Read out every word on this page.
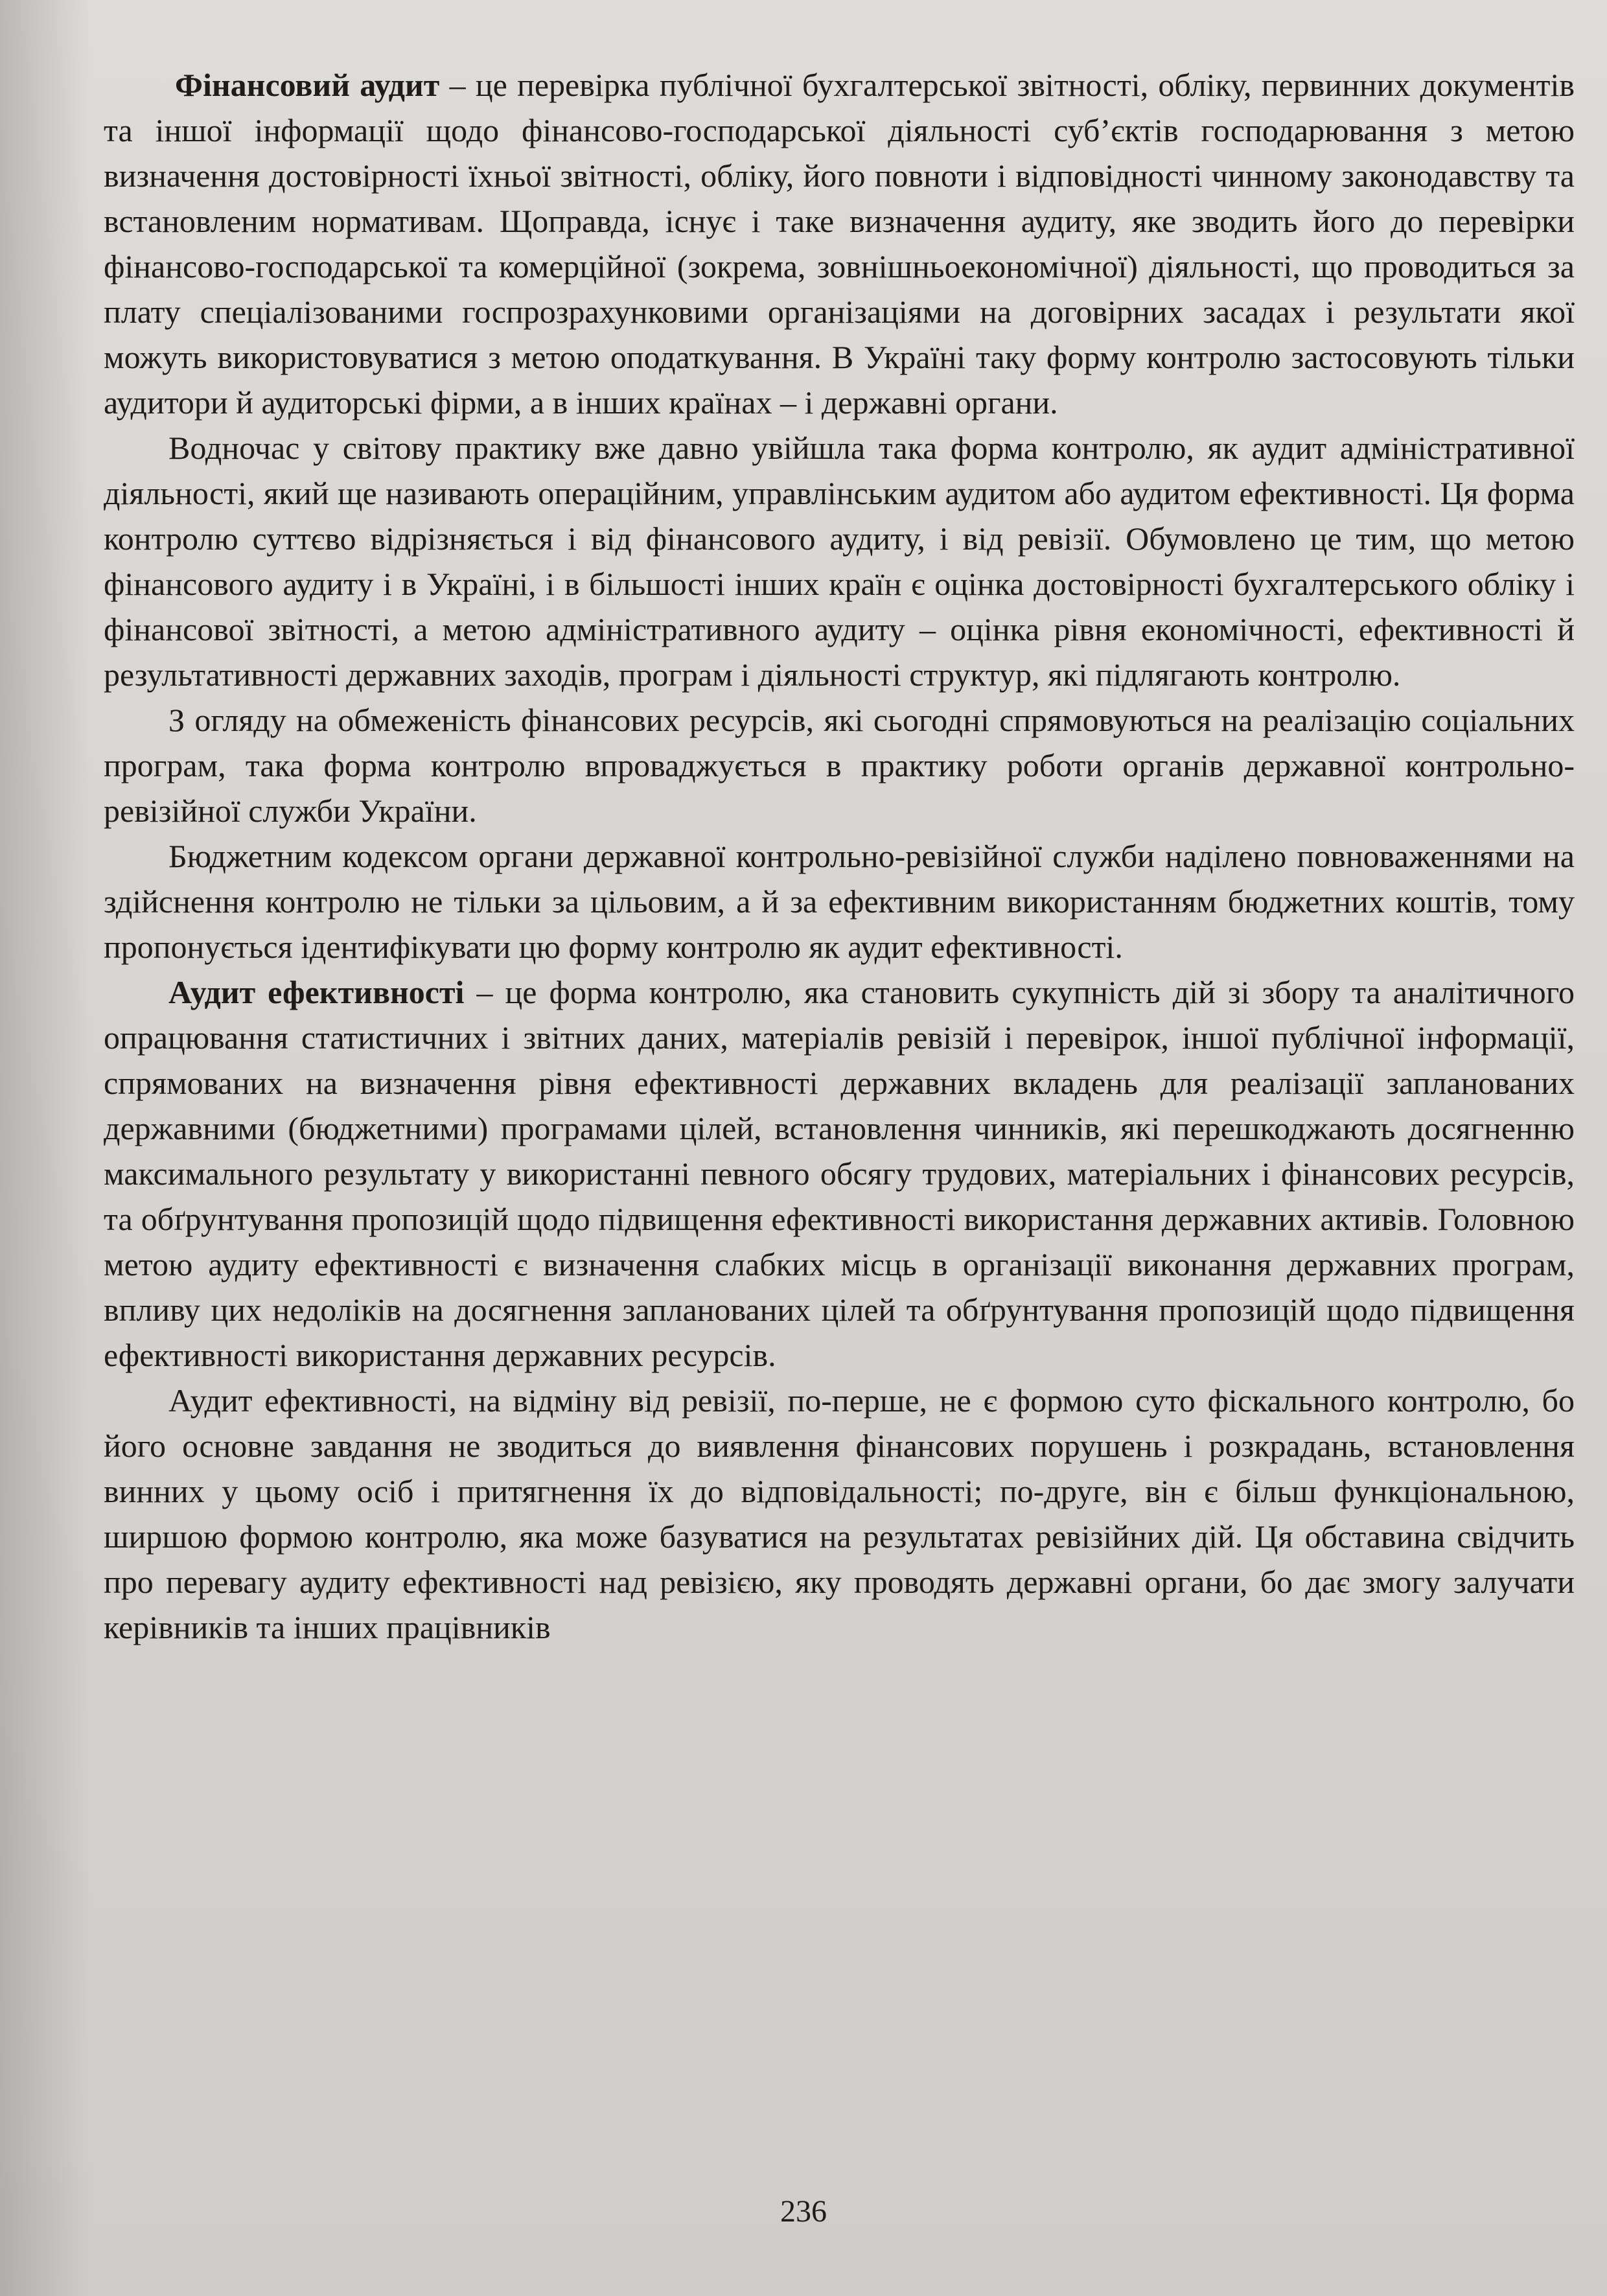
Фінансовий аудит – це перевірка публічної бухгалтерської звітності, обліку, первинних документів та іншої інформації щодо фінансово-господарської діяльності суб’єктів господарювання з метою визначення достовірності їхньої звітності, обліку, його повноти і відповідності чинному законодавству та встановленим нормативам. Щоправда, існує і таке визначення аудиту, яке зводить його до перевірки фінансово-господарської та комерційної (зокрема, зовнішньоекономічної) діяльності, що проводиться за плату спеціалізованими госпрозрахунковими організаціями на договірних засадах і результати якої можуть використовуватися з метою оподаткування. В Україні таку форму контролю застосовують тільки аудитори й аудиторські фірми, а в інших країнах – і державні органи.

Водночас у світову практику вже давно увійшла така форма контролю, як аудит адміністративної діяльності, який ще називають операційним, управлінським аудитом або аудитом ефективності. Ця форма контролю суттєво відрізняється і від фінансового аудиту, і від ревізії. Обумовлено це тим, що метою фінансового аудиту і в Україні, і в більшості інших країн є оцінка достовірності бухгалтерського обліку і фінансової звітності, а метою адміністративного аудиту – оцінка рівня економічності, ефективності й результативності державних заходів, програм і діяльності структур, які підлягають контролю.

З огляду на обмеженість фінансових ресурсів, які сьогодні спрямовуються на реалізацію соціальних програм, така форма контролю впроваджується в практику роботи органів державної контрольно-ревізійної служби України.

Бюджетним кодексом органи державної контрольно-ревізійної служби наділено повноваженнями на здійснення контролю не тільки за цільовим, а й за ефективним використанням бюджетних коштів, тому пропонується ідентифікувати цю форму контролю як аудит ефективності.

Аудит ефективності – це форма контролю, яка становить сукупність дій зі збору та аналітичного опрацювання статистичних і звітних даних, матеріалів ревізій і перевірок, іншої публічної інформації, спрямованих на визначення рівня ефективності державних вкладень для реалізації запланованих державними (бюджетними) програмами цілей, встановлення чинників, які перешкоджають досягненню максимального результату у використанні певного обсягу трудових, матеріальних і фінансових ресурсів, та обґрунтування пропозицій щодо підвищення ефективності використання державних активів. Головною метою аудиту ефективності є визначення слабких місць в організації виконання державних програм, впливу цих недоліків на досягнення запланованих цілей та обґрунтування пропозицій щодо підвищення ефективності використання державних ресурсів.

Аудит ефективності, на відміну від ревізії, по-перше, не є формою суто фіскального контролю, бо його основне завдання не зводиться до виявлення фінансових порушень і розкрадань, встановлення винних у цьому осіб і притягнення їх до відповідальності; по-друге, він є більш функціональною, ширшою формою контролю, яка може базуватися на результатах ревізійних дій. Ця обставина свідчить про перевагу аудиту ефективності над ревізією, яку проводять державні органи, бо дає змогу залучати керівників та інших працівників

236
